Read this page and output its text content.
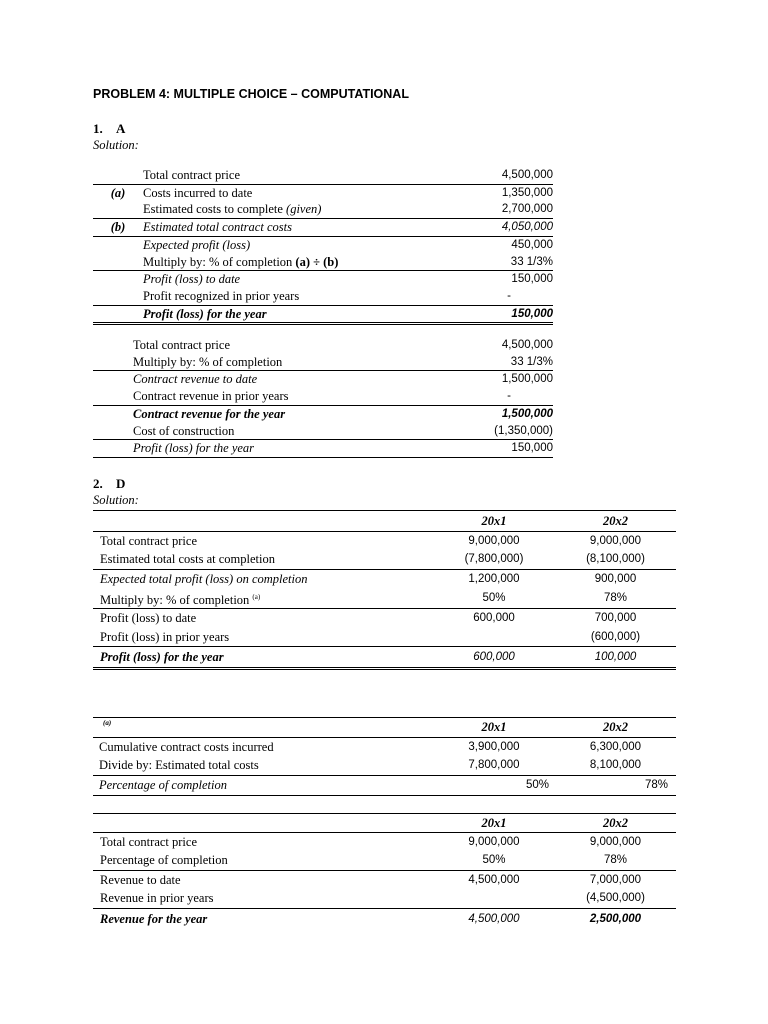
PROBLEM 4: MULTIPLE CHOICE – COMPUTATIONAL
1. A
Solution:
	Total contract price	4,500,000
(a)	Costs incurred to date	1,350,000
	Estimated costs to complete (given)	2,700,000
(b)	Estimated total contract costs	4,050,000
	Expected profit (loss)	450,000
	Multiply by: % of completion (a) ÷ (b)	33 1/3%
	Profit (loss) to date	150,000
	Profit recognized in prior years	-
	Profit (loss) for the year	150,000
	Total contract price	4,500,000
	Multiply by: % of completion	33 1/3%
	Contract revenue to date	1,500,000
	Contract revenue in prior years	-
	Contract revenue for the year	1,500,000
	Cost of construction	(1,350,000)
	Profit (loss) for the year	150,000
2. D
Solution:
	20x1	20x2
Total contract price	9,000,000	9,000,000
Estimated total costs at completion	(7,800,000)	(8,100,000)
Expected total profit (loss) on completion	1,200,000	900,000
Multiply by: % of completion $^{(a)}$	50%	78%
Profit (loss) to date	600,000	700,000
Profit (loss) in prior years		(600,000)
Profit (loss) for the year	600,000	100,000
(a)	20x1	20x2
Cumulative contract costs incurred	3,900,000	6,300,000
Divide by: Estimated total costs	7,800,000	8,100,000
Percentage of completion	50%	78%
	20x1	20x2
Total contract price	9,000,000	9,000,000
Percentage of completion	50%	78%
Revenue to date	4,500,000	7,000,000
Revenue in prior years		(4,500,000)
Revenue for the year	4,500,000	2,500,000
